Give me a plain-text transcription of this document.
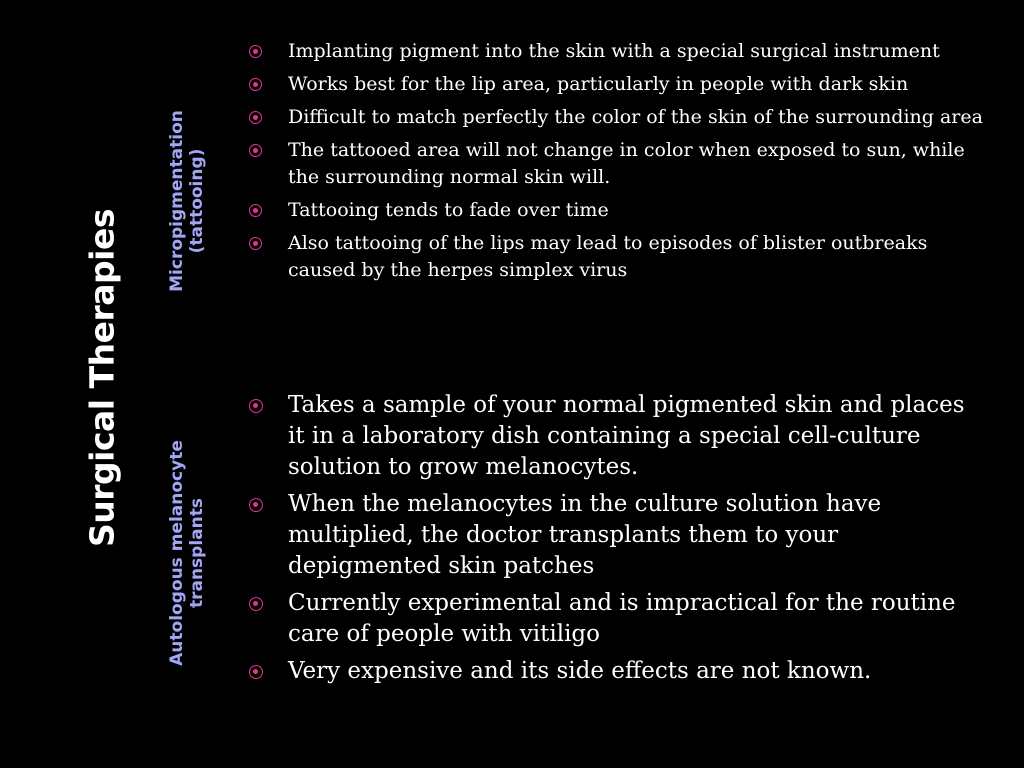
Surgical Therapies
Micropigmentation (tattooing)
Implanting pigment into the skin with a special surgical instrument
Works best for the lip area, particularly in people with dark skin
Difficult to match perfectly the color of the skin of the surrounding area
The tattooed area will not change in color when exposed to sun, while the surrounding normal skin will.
Tattooing tends to fade over time
Also tattooing of the lips may lead to episodes of blister outbreaks caused by the herpes simplex virus
Autologous melanocyte transplants
Takes a sample of your normal pigmented skin and places it in a laboratory dish containing a special cell-culture solution to grow melanocytes.
When the melanocytes in the culture solution have multiplied, the doctor transplants them to your depigmented skin patches
Currently experimental and is impractical for the routine care of people with vitiligo
Very expensive and its side effects are not known.
